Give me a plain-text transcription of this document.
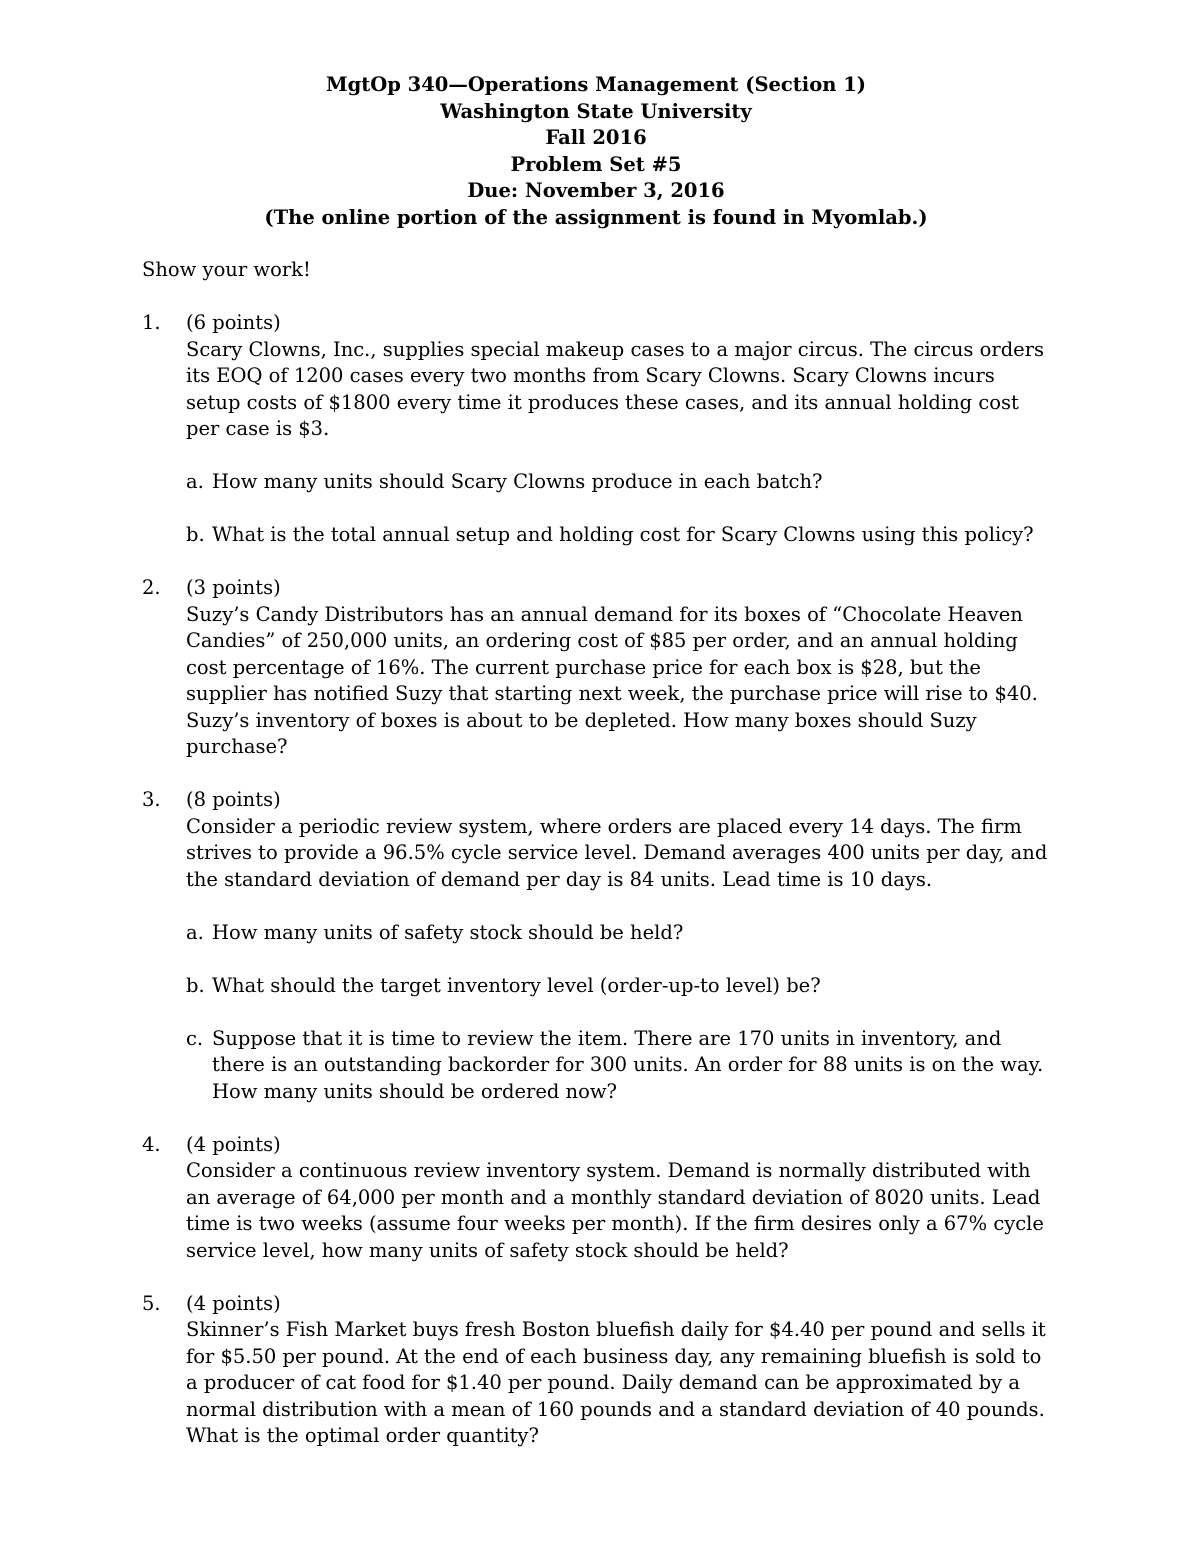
MgtOp 340—Operations Management (Section 1)
Washington State University
Fall 2016
Problem Set #5
Due: November 3, 2016
(The online portion of the assignment is found in Myomlab.)
Show your work!
1. (6 points)
Scary Clowns, Inc., supplies special makeup cases to a major circus. The circus orders its EOQ of 1200 cases every two months from Scary Clowns. Scary Clowns incurs setup costs of $1800 every time it produces these cases, and its annual holding cost per case is $3.
a. How many units should Scary Clowns produce in each batch?
b. What is the total annual setup and holding cost for Scary Clowns using this policy?
2. (3 points)
Suzy’s Candy Distributors has an annual demand for its boxes of “Chocolate Heaven Candies” of 250,000 units, an ordering cost of $85 per order, and an annual holding cost percentage of 16%. The current purchase price for each box is $28, but the supplier has notified Suzy that starting next week, the purchase price will rise to $40. Suzy’s inventory of boxes is about to be depleted. How many boxes should Suzy purchase?
3. (8 points)
Consider a periodic review system, where orders are placed every 14 days. The firm strives to provide a 96.5% cycle service level. Demand averages 400 units per day, and the standard deviation of demand per day is 84 units. Lead time is 10 days.
a. How many units of safety stock should be held?
b. What should the target inventory level (order-up-to level) be?
c. Suppose that it is time to review the item. There are 170 units in inventory, and there is an outstanding backorder for 300 units. An order for 88 units is on the way. How many units should be ordered now?
4. (4 points)
Consider a continuous review inventory system. Demand is normally distributed with an average of 64,000 per month and a monthly standard deviation of 8020 units. Lead time is two weeks (assume four weeks per month). If the firm desires only a 67% cycle service level, how many units of safety stock should be held?
5. (4 points)
Skinner’s Fish Market buys fresh Boston bluefish daily for $4.40 per pound and sells it for $5.50 per pound. At the end of each business day, any remaining bluefish is sold to a producer of cat food for $1.40 per pound. Daily demand can be approximated by a normal distribution with a mean of 160 pounds and a standard deviation of 40 pounds. What is the optimal order quantity?
